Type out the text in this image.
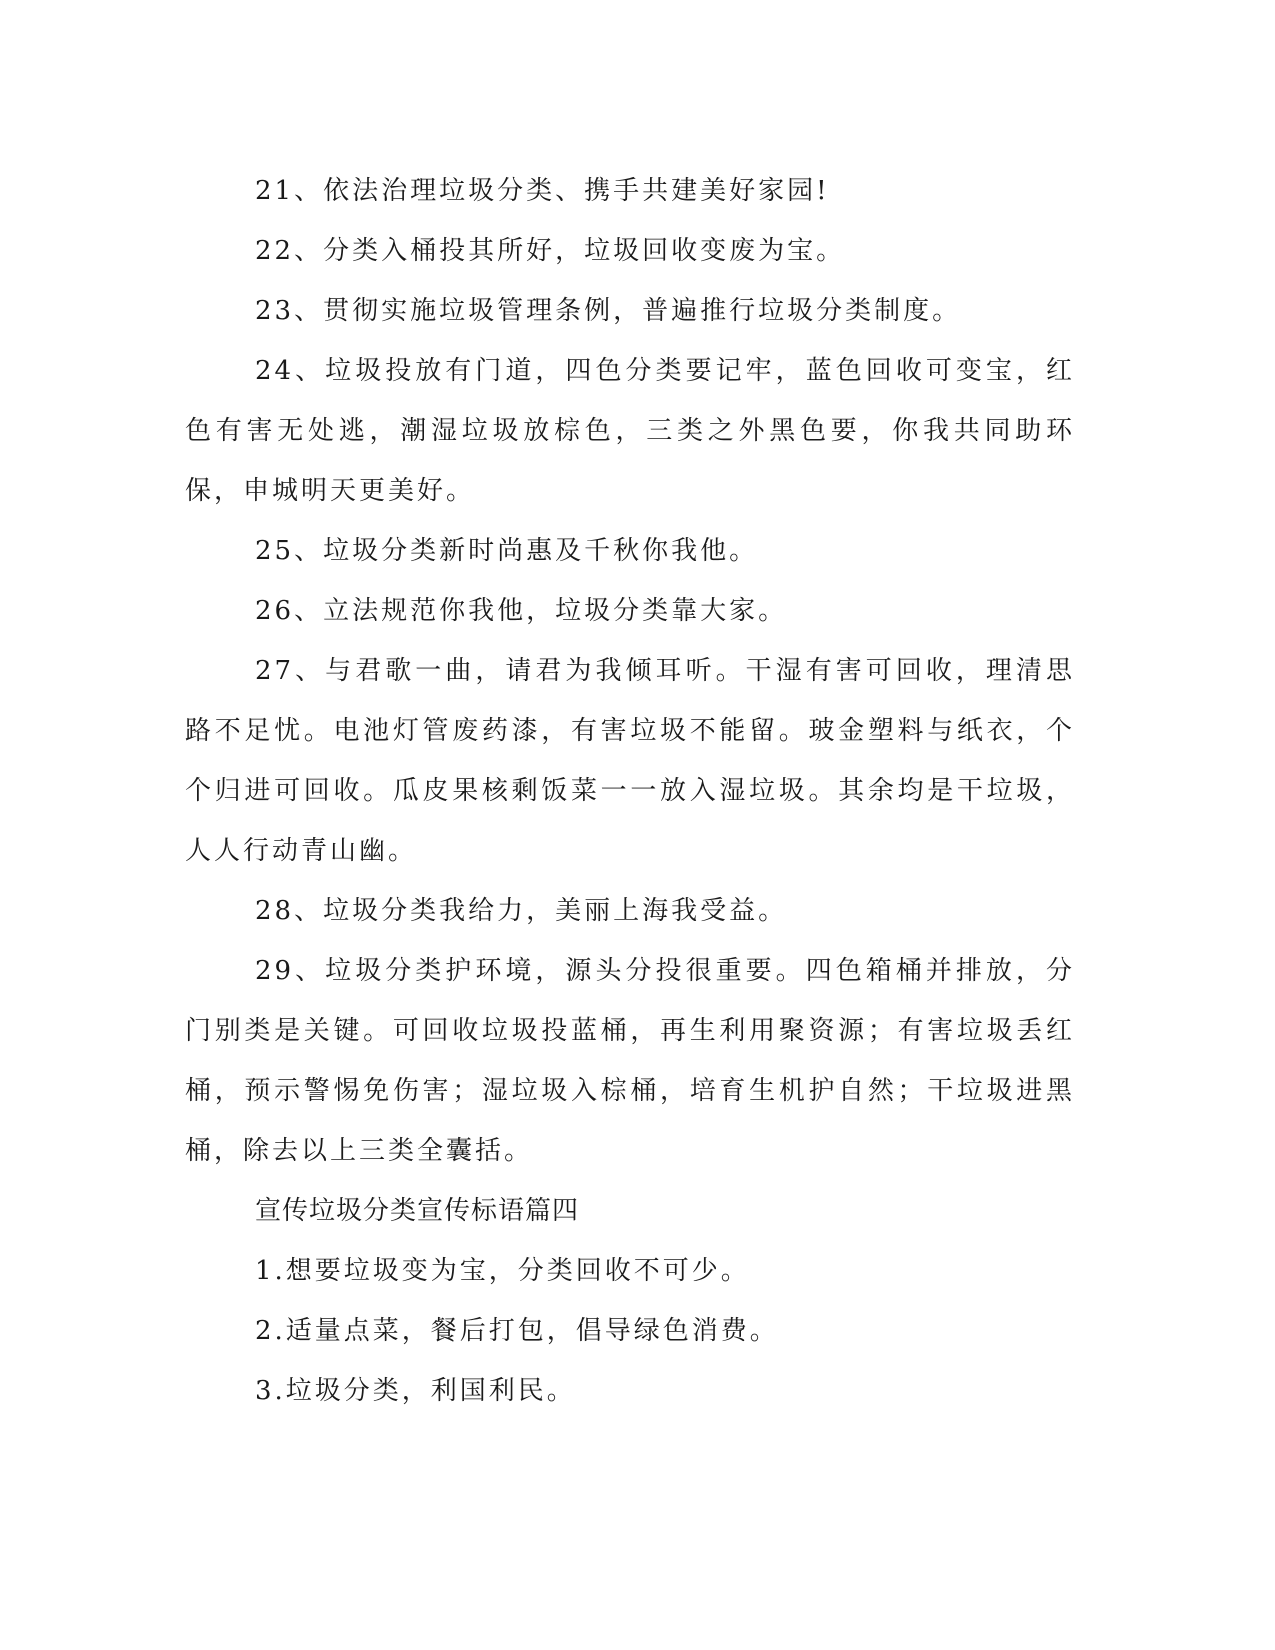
21、依法治理垃圾分类、携手共建美好家园!

22、分类入桶投其所好，垃圾回收变废为宝。

23、贯彻实施垃圾管理条例，普遍推行垃圾分类制度。

24、垃圾投放有门道，四色分类要记牢，蓝色回收可变宝，红色有害无处逃，潮湿垃圾放棕色，三类之外黑色要，你我共同助环保，申城明天更美好。

25、垃圾分类新时尚惠及千秋你我他。

26、立法规范你我他，垃圾分类靠大家。

27、与君歌一曲，请君为我倾耳听。干湿有害可回收，理清思路不足忧。电池灯管废药漆，有害垃圾不能留。玻金塑料与纸衣，个个归进可回收。瓜皮果核剩饭菜一一放入湿垃圾。其余均是干垃圾，人人行动青山幽。

28、垃圾分类我给力，美丽上海我受益。

29、垃圾分类护环境，源头分投很重要。四色箱桶并排放，分门别类是关键。可回收垃圾投蓝桶，再生利用聚资源；有害垃圾丢红桶，预示警惕免伤害；湿垃圾入棕桶，培育生机护自然；干垃圾进黑桶，除去以上三类全囊括。

宣传垃圾分类宣传标语篇四

1.想要垃圾变为宝，分类回收不可少。

2.适量点菜，餐后打包，倡导绿色消费。

3.垃圾分类，利国利民。
